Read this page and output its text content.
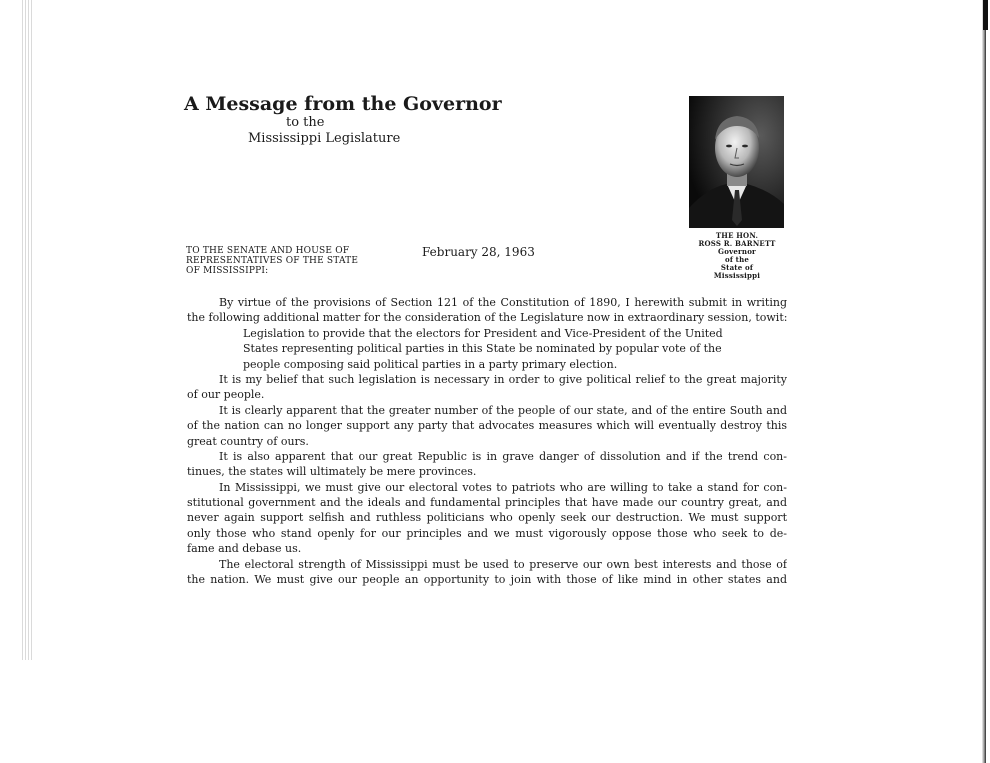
A Message from the Governor
to the
Mississippi Legislature
THE HON.
ROSS R. BARNETT
Governor
of the
State of
Mississippi
TO THE SENATE AND HOUSE OF
REPRESENTATIVES OF THE STATE
OF MISSISSIPPI:
February 28, 1963
By virtue of the provisions of Section 121 of the Constitution of 1890, I herewith submit in writing
the following additional matter for the consideration of the Legislature now in extraordinary session, towit:
Legislation to provide that the electors for President and Vice-President of the United
States representing political parties in this State be nominated by popular vote of the
people composing said political parties in a party primary election.
It is my belief that such legislation is necessary in order to give political relief to the great majority
of our people.
It is clearly apparent that the greater number of the people of our state, and of the entire South and
of the nation can no longer support any party that advocates measures which will eventually destroy this
great country of ours.
It is also apparent that our great Republic is in grave danger of dissolution and if the trend con-
tinues, the states will ultimately be mere provinces.
In Mississippi, we must give our electoral votes to patriots who are willing to take a stand for con-
stitutional government and the ideals and fundamental principles that have made our country great, and
never again support selfish and ruthless politicians who openly seek our destruction. We must support
only those who stand openly for our principles and we must vigorously oppose those who seek to de-
fame and debase us.
The electoral strength of Mississippi must be used to preserve our own best interests and those of
the nation. We must give our people an opportunity to join with those of like mind in other states and
